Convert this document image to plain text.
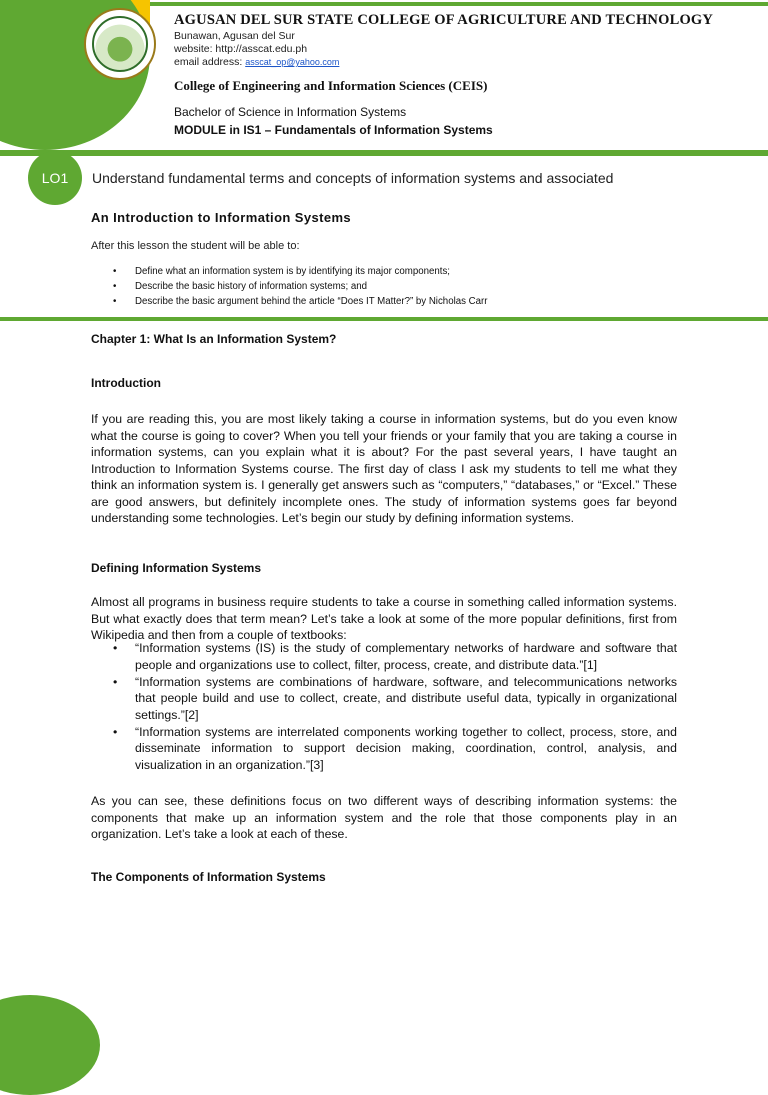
AGUSAN DEL SUR STATE COLLEGE OF AGRICULTURE AND TECHNOLOGY
Bunawan, Agusan del Sur
website: http://asscat.edu.ph
email address: asscat_op@yahoo.com
College of Engineering and Information Sciences (CEIS)
Bachelor of Science in Information Systems
MODULE in IS1 – Fundamentals of Information Systems
LO1	Understand fundamental terms and concepts of information systems and associated
An Introduction to Information Systems
After this lesson the student will be able to:
• Define what an information system is by identifying its major components;
• Describe the basic history of information systems; and
• Describe the basic argument behind the article “Does IT Matter?” by Nicholas Carr
Chapter 1: What Is an Information System?
Introduction

If you are reading this, you are most likely taking a course in information systems, but do you even know what the course is going to cover? When you tell your friends or your family that you are taking a course in information systems, can you explain what it is about? For the past several years, I have taught an Introduction to Information Systems course. The first day of class I ask my students to tell me what they think an information system is. I generally get answers such as “computers,” “databases,” or “Excel.” These are good answers, but definitely incomplete ones. The study of information systems goes far beyond understanding some technologies. Let’s begin our study by defining information systems.

Defining Information Systems

Almost all programs in business require students to take a course in something called information systems. But what exactly does that term mean? Let’s take a look at some of the more popular definitions, first from Wikipedia and then from a couple of textbooks:

• “Information systems (IS) is the study of complementary networks of hardware and software that people and organizations use to collect, filter, process, create, and distribute data.”[1]
• “Information systems are combinations of hardware, software, and telecommunications networks that people build and use to collect, create, and distribute useful data, typically in organizational settings.”[2]
• “Information systems are interrelated components working together to collect, process, store, and disseminate information to support decision making, coordination, control, analysis, and visualization in an organization.”[3]

As you can see, these definitions focus on two different ways of describing information systems: the components that make up an information system and the role that those components play in an organization. Let’s take a look at each of these.

The Components of Information Systems
